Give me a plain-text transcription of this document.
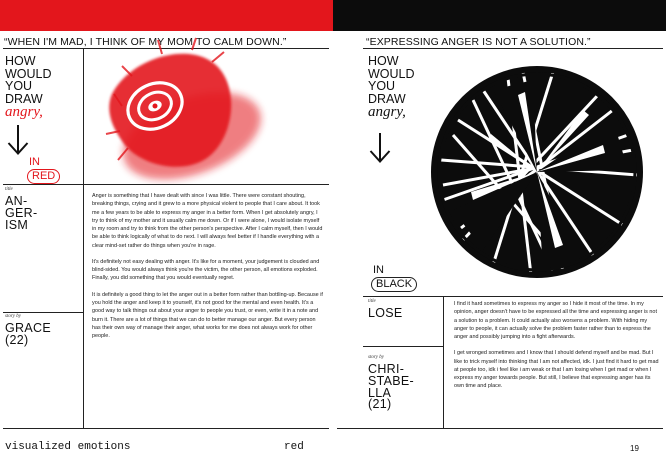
“WHEN I'M MAD, I THINK OF MY MOM TO CALM DOWN.”
HOW
WOULD
YOU
DRAW
angry,
IN
RED
title
AN-
GER-
ISM
story by
GRACE
(22)

Anger is something that I have dealt with since I was little. There were constant shouting, breaking things, crying and it grew to a more physical violent to people that I care about. It took me a few years to be able to express my anger in a better form. When I get absolutely angry, I try to think of my mother and it usually calm me down. Or if I were alone, I would isolate myself in my room and try to think from the other person's perspective. After I calm myself, then I would be able to think logically of what to do next. I will always feel better if I handle everything with a clear mind-set rather do things when you're in rage.

It's definitely not easy dealing with anger. It's like for a moment, your judgement is clouded and blind-sided. You would always think you're the victim, the other person, all emotions exploded. Finally, you did something that you would eventually regret.

It is definitely a good thing to let the anger out in a better form rather than bottling-up. Because if you hold the anger and keep it to yourself, it's not good for the mental and even health. It's a good way to talk things out about your anger to people you trust, or even, write it in a note and burn it. There are a lot of things that we can do to better manage our anger. But every person has their own way of manage their anger, what works for me does not always work for other people.

visualized emotions	red
“EXPRESSING ANGER IS NOT A SOLUTION.”
HOW
WOULD
YOU
DRAW
angry,
IN
BLACK
title
LOSE
story by
CHRI-
STABE-
LLA
(21)

I find it hard sometimes to express my anger so I hide it most of the time. In my opinion, anger doesn't have to be expressed all the time and expressing anger is not a solution to a problem. It could actually also worsens a problem. With hiding my anger to people, it can actually solve the problem faster rather than to express the anger and possibly jumping into a fight afterwards.

I get wronged sometimes and I know that I should defend myself and be mad. But I like to trick myself into thinking that I am not affected, idk. I just find it hard to get mad at people too, idk i feel like i am weak or that I am losing when I get mad or when I express my anger towards people. But still, I believe that expressing anger has its own time and place.

19
